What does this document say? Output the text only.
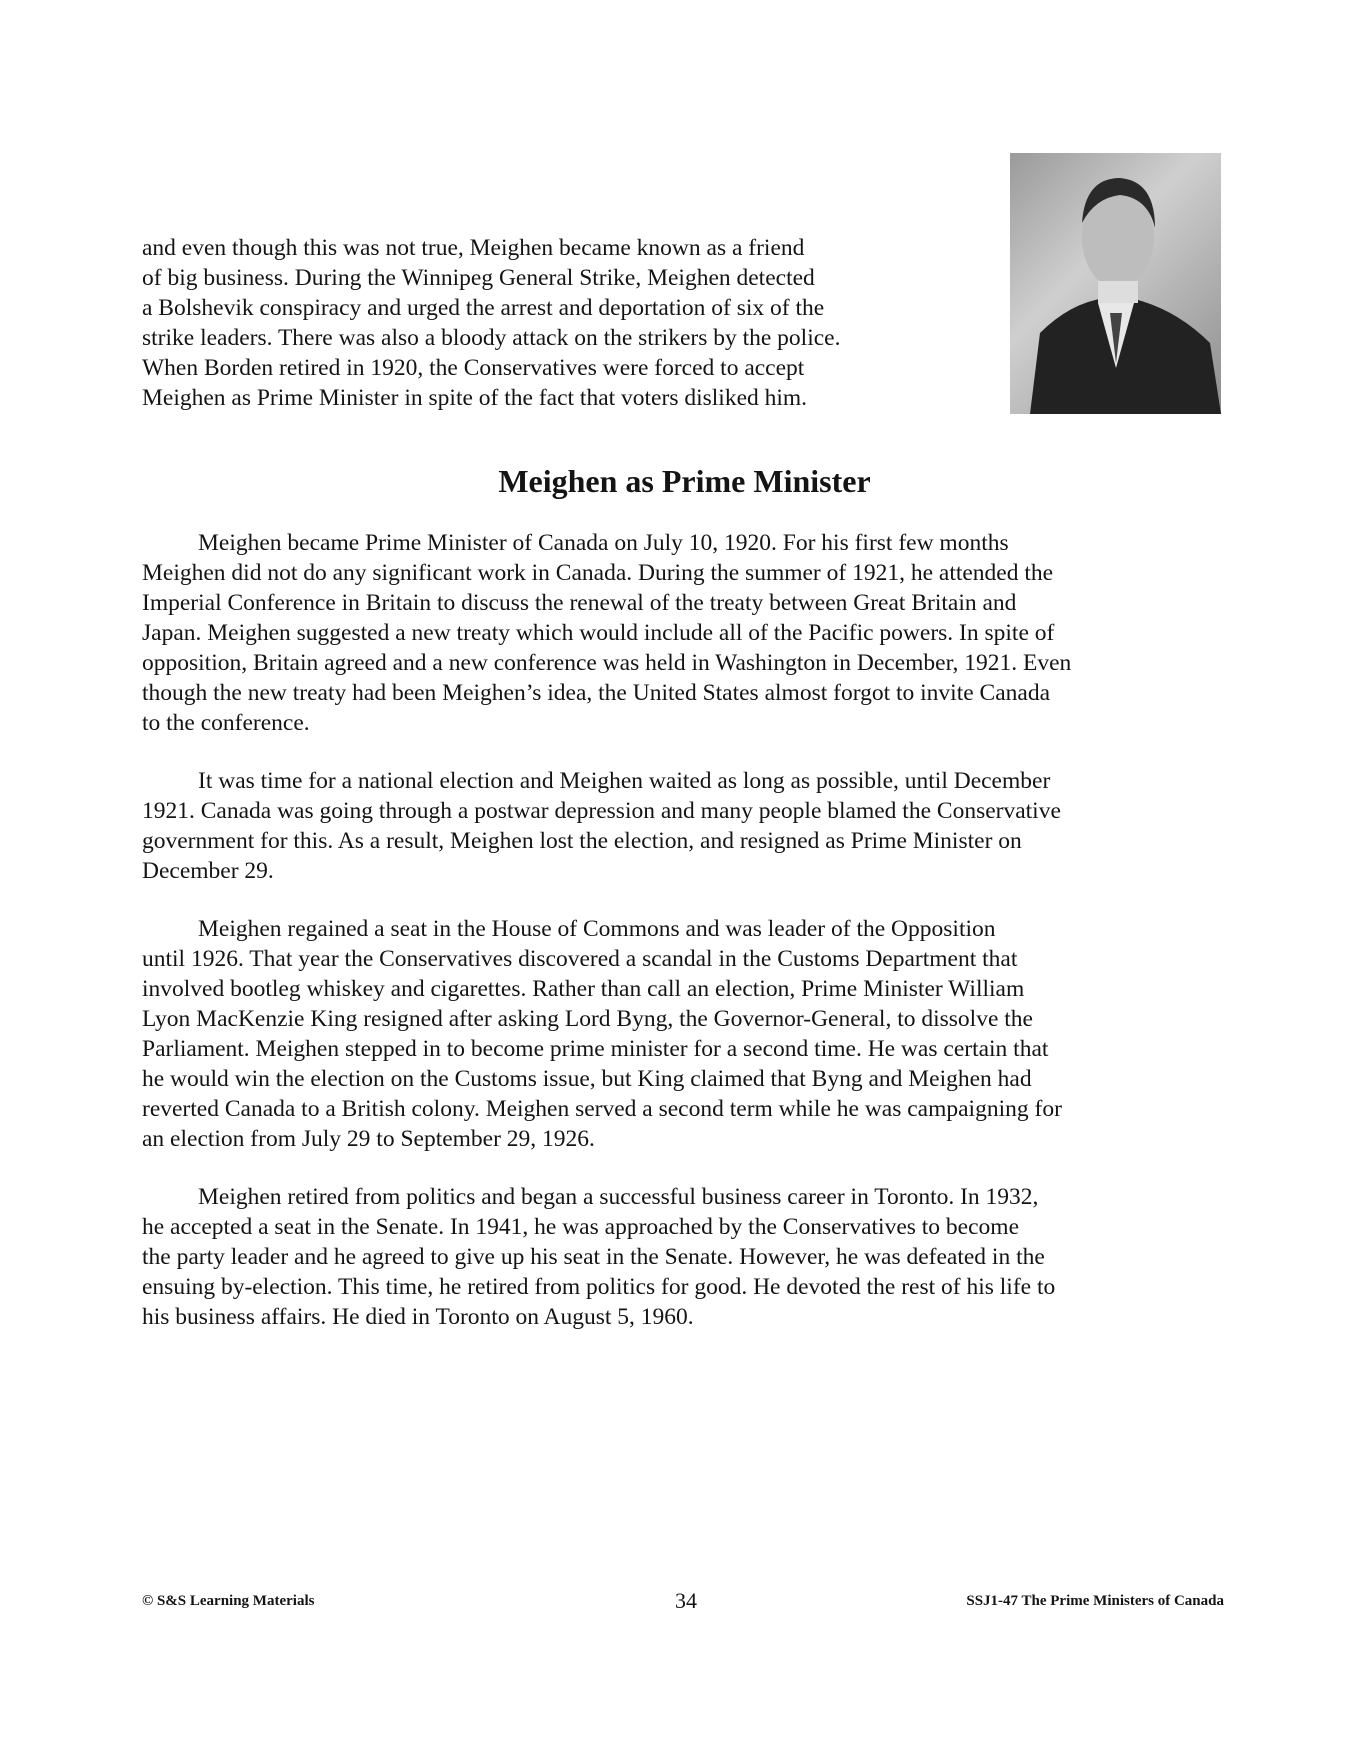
and even though this was not true, Meighen became known as a friend
of big business. During the Winnipeg General Strike, Meighen detected
a Bolshevik conspiracy and urged the arrest and deportation of six of the
strike leaders. There was also a bloody attack on the strikers by the police.
When Borden retired in 1920, the Conservatives were forced to accept
Meighen as Prime Minister in spite of the fact that voters disliked him.
Meighen as Prime Minister
Meighen became Prime Minister of Canada on July 10, 1920. For his first few months
Meighen did not do any significant work in Canada. During the summer of 1921, he attended the
Imperial Conference in Britain to discuss the renewal of the treaty between Great Britain and
Japan. Meighen suggested a new treaty which would include all of the Pacific powers. In spite of
opposition, Britain agreed and a new conference was held in Washington in December, 1921. Even
though the new treaty had been Meighen’s idea, the United States almost forgot to invite Canada
to the conference.
It was time for a national election and Meighen waited as long as possible, until December
1921. Canada was going through a postwar depression and many people blamed the Conservative
government for this. As a result, Meighen lost the election, and resigned as Prime Minister on
December 29.
Meighen regained a seat in the House of Commons and was leader of the Opposition
until 1926. That year the Conservatives discovered a scandal in the Customs Department that
involved bootleg whiskey and cigarettes. Rather than call an election, Prime Minister William
Lyon MacKenzie King resigned after asking Lord Byng, the Governor-General, to dissolve the
Parliament. Meighen stepped in to become prime minister for a second time. He was certain that
he would win the election on the Customs issue, but King claimed that Byng and Meighen had
reverted Canada to a British colony. Meighen served a second term while he was campaigning for
an election from July 29 to September 29, 1926.
Meighen retired from politics and began a successful business career in Toronto. In 1932,
he accepted a seat in the Senate. In 1941, he was approached by the Conservatives to become
the party leader and he agreed to give up his seat in the Senate. However, he was defeated in the
ensuing by-election. This time, he retired from politics for good. He devoted the rest of his life to
his business affairs. He died in Toronto on August 5, 1960.
© S&S Learning Materials	34	SSJ1-47 The Prime Ministers of Canada
